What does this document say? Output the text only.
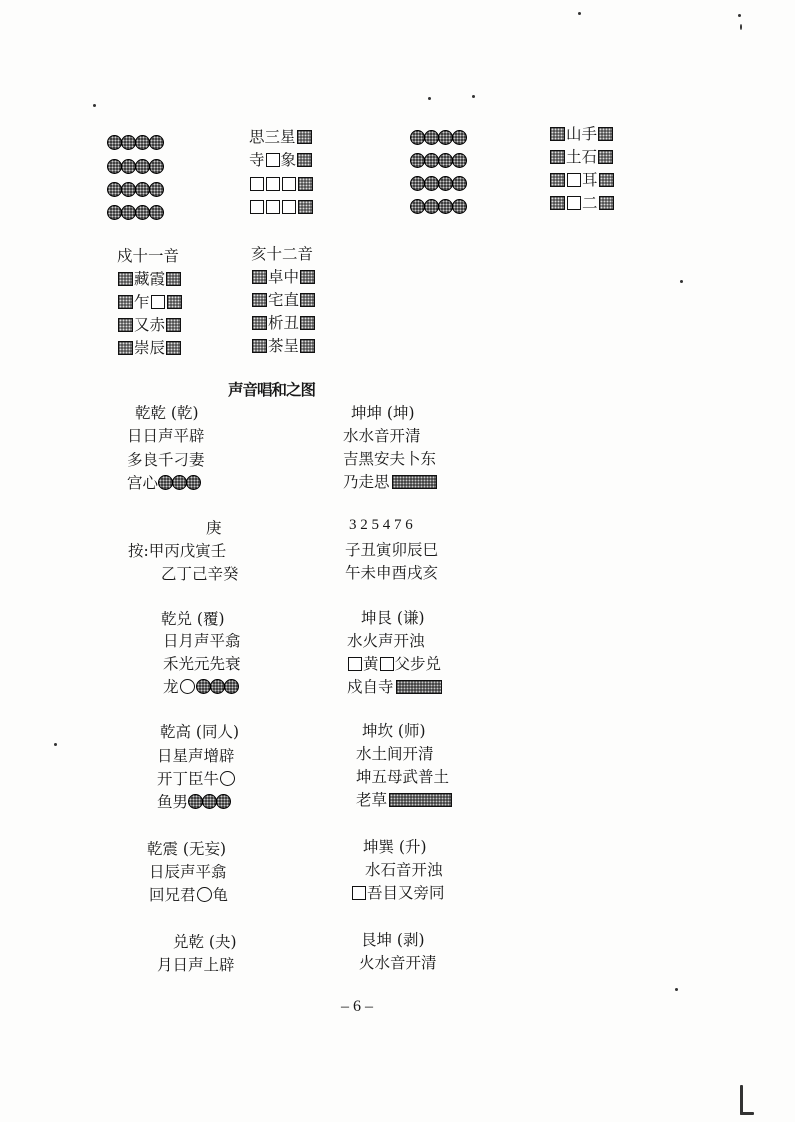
思三星
寺 象
山手
土石
耳
二
戍十一音
藏霞
乍
又赤
崇辰
亥十二音
卓中
宅直
析丑
茶呈
声音唱和之图
乾乾 (乾)
日日声平辟
多良千刁妻
宫心
坤坤 (坤)
水水音开清
吉黑安夫卜东
乃走思
庚
按:甲丙戊寅壬
乙丁己辛癸
3 2 5 4 7 6
子丑寅卯辰巳
午未申酉戌亥
乾兑 (覆)
日月声平翕
禾光元先衰
龙
坤艮 (谦)
水火声开浊
黄 父步兑
戍自寺
乾高 (同人)
日星声增辟
开丁臣牛
鱼男
坤坎 (师)
水土间开清
坤五母武普土
老草
乾震 (无妄)
日辰声平翕
回兄君 龟
坤巽 (升)
水石音开浊
吾目又旁同
兑乾 (夬)
月日声上辟
艮坤 (剥)
火水音开清
– 6 –
